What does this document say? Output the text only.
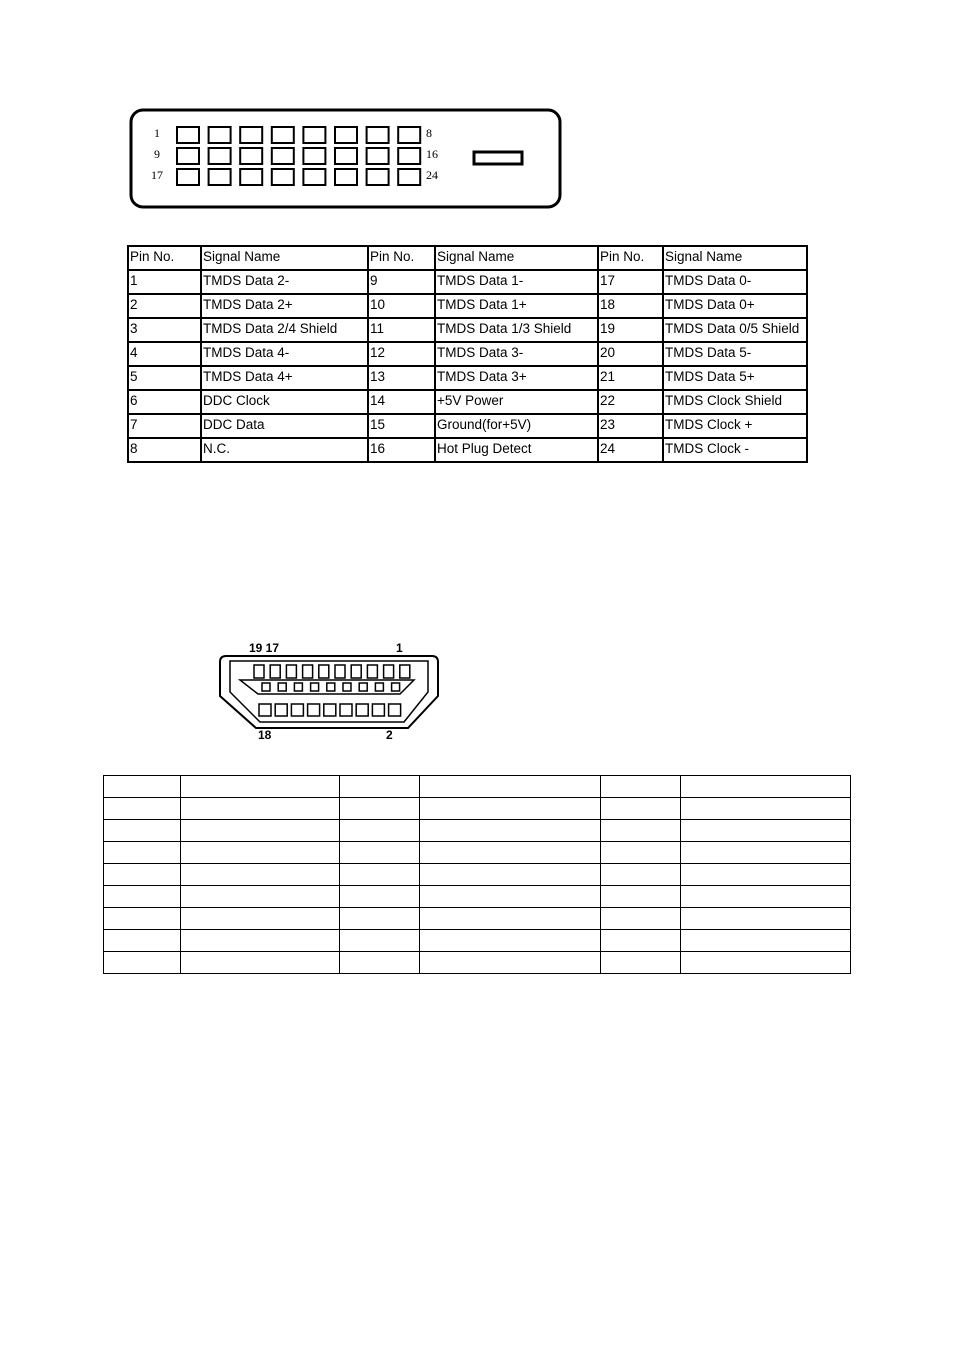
1	8
9	16
17	24
Pin No.	Signal Name	Pin No.	Signal Name	Pin No.	Signal Name
1	TMDS Data 2-	9	TMDS Data 1-	17	TMDS Data 0-
2	TMDS Data 2+	10	TMDS Data 1+	18	TMDS Data 0+
3	TMDS Data 2/4 Shield	11	TMDS Data 1/3 Shield	19	TMDS Data 0/5 Shield
4	TMDS Data 4-	12	TMDS Data 3-	20	TMDS Data 5-
5	TMDS Data 4+	13	TMDS Data 3+	21	TMDS Data 5+
6	DDC Clock	14	+5V Power	22	TMDS Clock Shield
7	DDC Data	15	Ground(for+5V)	23	TMDS Clock +
8	N.C.	16	Hot Plug Detect	24	TMDS Clock -
19 17	1
18	2
